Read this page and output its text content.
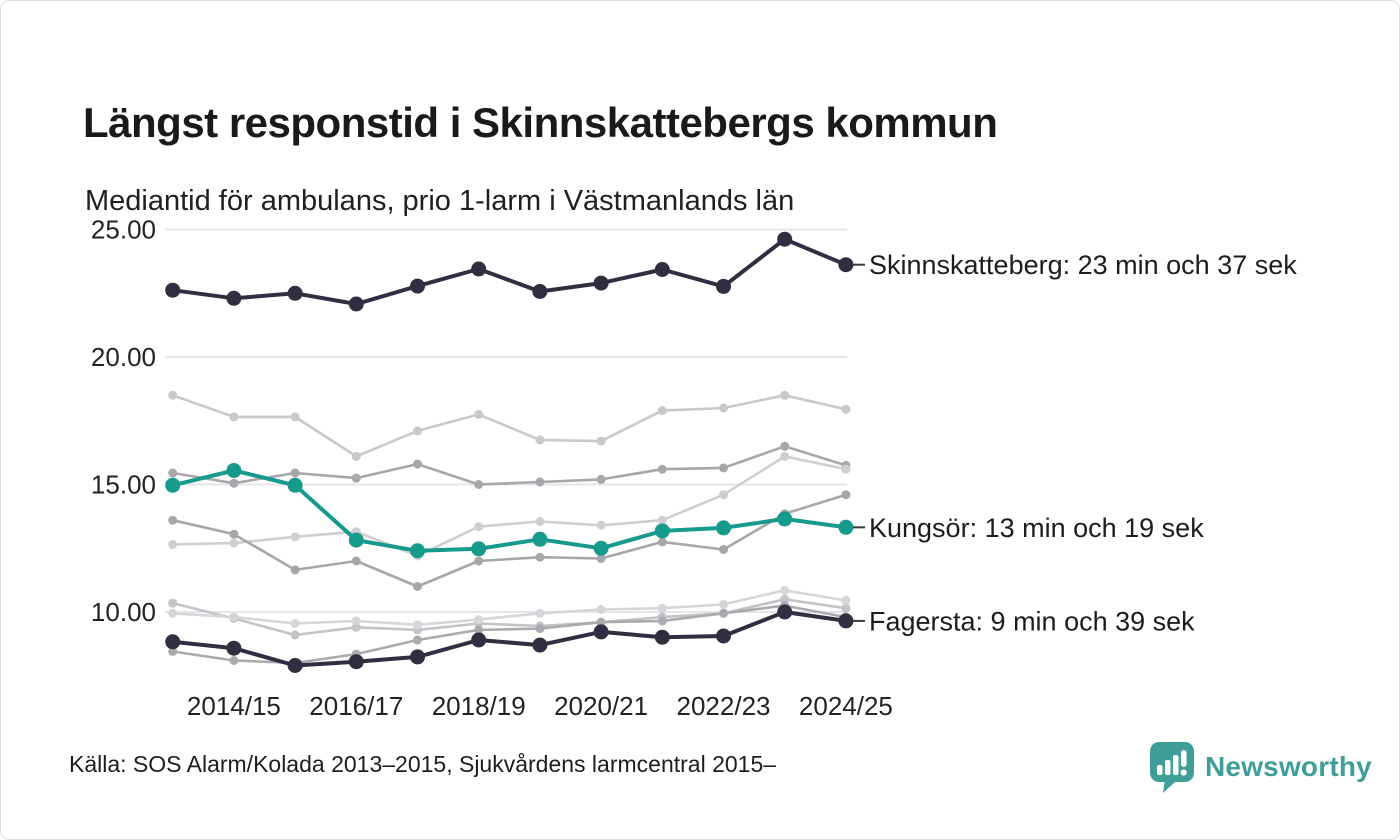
Längst responstid i Skinnskattebergs kommun

Mediantid för ambulans, prio 1-larm i Västmanlands län

25.00
20.00
15.00
10.00
2014/15 2016/17 2018/19 2020/21 2022/23 2024/25
Skinnskatteberg: 23 min och 37 sek
Kungsör: 13 min och 19 sek
Fagersta: 9 min och 39 sek
Källa: SOS Alarm/Kolada 2013–2015, Sjukvårdens larmcentral 2015–	Newsworthy
